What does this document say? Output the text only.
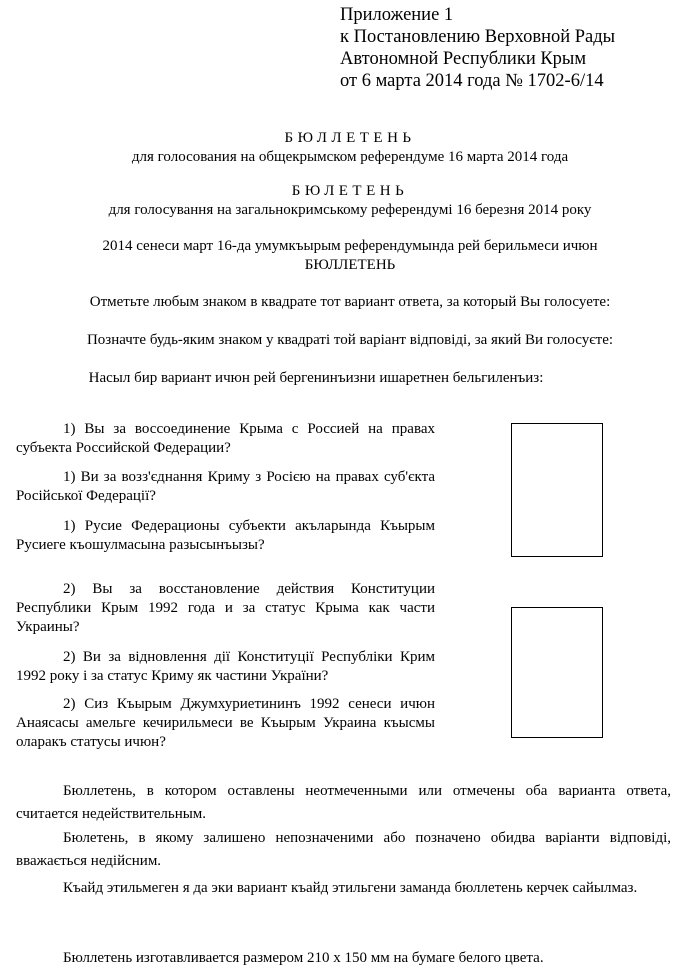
Приложение 1
к Постановлению Верховной Рады
Автономной Республики Крым
от 6 марта 2014 года № 1702-6/14
БЮЛЛЕТЕНЬ
для голосования на общекрымском референдуме 16 марта 2014 года
БЮЛЕТЕНЬ
для голосування на загальнокримському референдумі 16 березня 2014 року
2014 сенеси март 16-да умумкъырым референдумында рей берильмеси ичюн
БЮЛЛЕТЕНЬ
Отметьте любым знаком в квадрате тот вариант ответа, за который Вы голосуете:
Позначте будь-яким знаком у квадраті той варіант відповіді, за який Ви голосуєте:
Насыл бир вариант ичюн рей бергенинъизни ишаретнен бельгиленъиз:
1) Вы за воссоединение Крыма с Россией на правах субъекта Российской Федерации?
1) Ви за возз'єднання Криму з Росією на правах суб'єкта Російської Федерації?
1) Русие Федерационы субъекти акъларында Къырым Русиеге къошулмасына разысынъызы?
2) Вы за восстановление действия Конституции Республики Крым 1992 года и за статус Крыма как части Украины?
2) Ви за відновлення дії Конституції Республіки Крим 1992 року і за статус Криму як частини України?
2) Сиз Къырым Джумхуриетининъ 1992 сенеси ичюн Анаясасы амельге кечирильмеси ве Къырым Украина къысмы оларакъ статусы ичюн?
Бюллетень, в котором оставлены неотмеченными или отмечены оба варианта ответа, считается недействительным.
Бюлетень, в якому залишено непозначеними або позначено обидва варіанти відповіді, вважається недійсним.
Къайд этильмеген я да эки вариант къайд этильгени заманда бюллетень керчек сайылмаз.
Бюллетень изготавливается размером 210 x 150 мм на бумаге белого цвета.
